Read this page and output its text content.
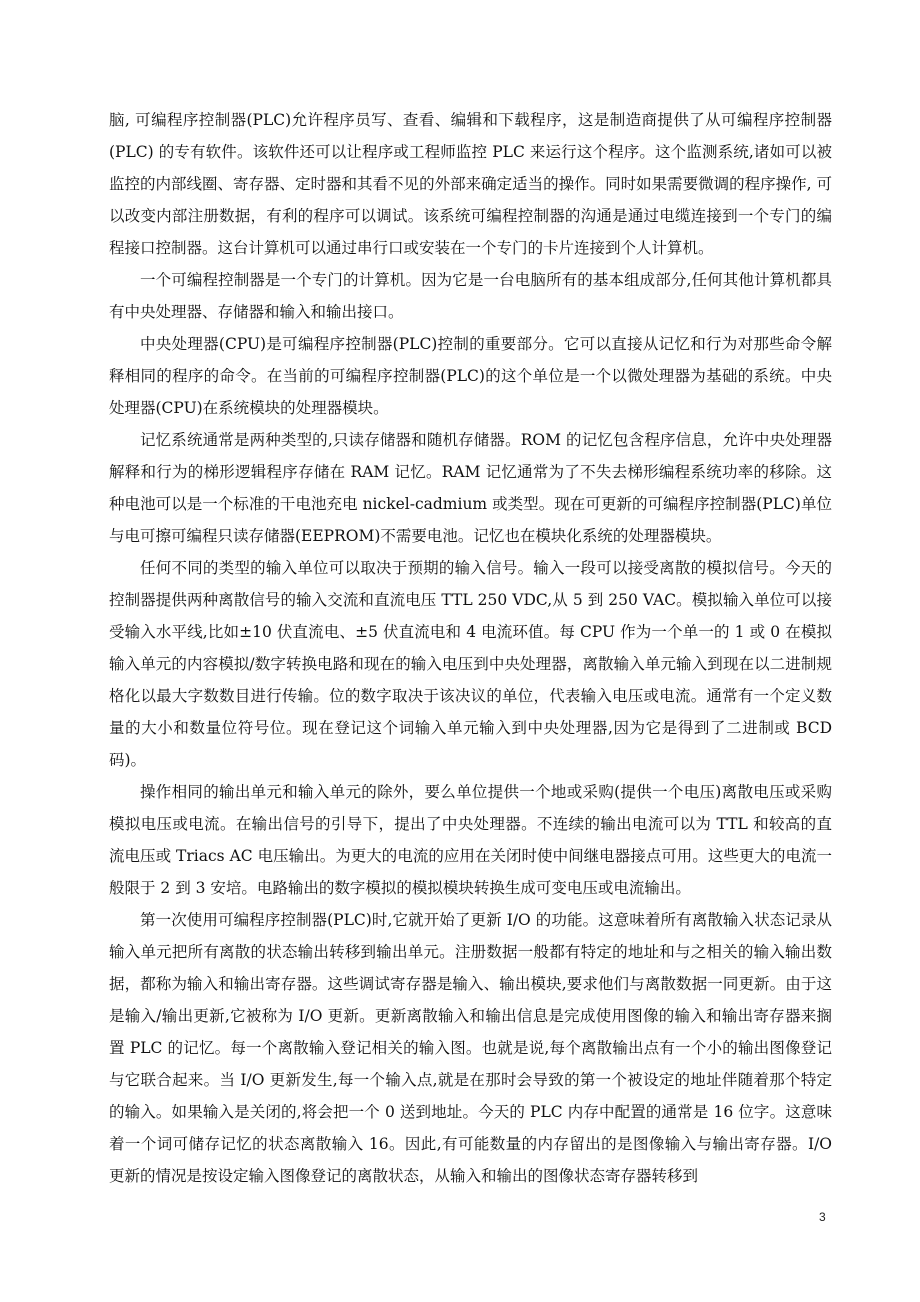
脑, 可编程序控制器(PLC)允许程序员写、查看、编辑和下载程序，这是制造商提供了从可编程序控制器(PLC) 的专有软件。该软件还可以让程序或工程师监控 PLC 来运行这个程序。这个监测系统,诸如可以被监控的内部线圈、寄存器、定时器和其看不见的外部来确定适当的操作。同时如果需要微调的程序操作, 可以改变内部注册数据，有利的程序可以调试。该系统可编程控制器的沟通是通过电缆连接到一个专门的编程接口控制器。这台计算机可以通过串行口或安装在一个专门的卡片连接到个人计算机。

一个可编程控制器是一个专门的计算机。因为它是一台电脑所有的基本组成部分,任何其他计算机都具有中央处理器、存储器和输入和输出接口。

中央处理器(CPU)是可编程序控制器(PLC)控制的重要部分。它可以直接从记忆和行为对那些命令解释相同的程序的命令。在当前的可编程序控制器(PLC)的这个单位是一个以微处理器为基础的系统。中央处理器(CPU)在系统模块的处理器模块。

记忆系统通常是两种类型的,只读存储器和随机存储器。ROM 的记忆包含程序信息，允许中央处理器解释和行为的梯形逻辑程序存储在 RAM 记忆。RAM 记忆通常为了不失去梯形编程系统功率的移除。这种电池可以是一个标准的干电池充电 nickel-cadmium 或类型。现在可更新的可编程序控制器(PLC)单位与电可擦可编程只读存储器(EEPROM)不需要电池。记忆也在模块化系统的处理器模块。

任何不同的类型的输入单位可以取决于预期的输入信号。输入一段可以接受离散的模拟信号。今天的控制器提供两种离散信号的输入交流和直流电压 TTL 250 VDC,从 5 到 250 VAC。模拟输入单位可以接受输入水平线,比如±10 伏直流电、±5 伏直流电和 4 电流环值。每 CPU 作为一个单一的 1 或 0 在模拟输入单元的内容模拟/数字转换电路和现在的输入电压到中央处理器，离散输入单元输入到现在以二进制规格化以最大字数数目进行传输。位的数字取决于该决议的单位，代表输入电压或电流。通常有一个定义数量的大小和数量位符号位。现在登记这个词输入单元输入到中央处理器,因为它是得到了二进制或 BCD 码)。

操作相同的输出单元和输入单元的除外，要么单位提供一个地或采购(提供一个电压)离散电压或采购模拟电压或电流。在输出信号的引导下，提出了中央处理器。不连续的输出电流可以为 TTL 和较高的直流电压或 Triacs AC 电压输出。为更大的电流的应用在关闭时使中间继电器接点可用。这些更大的电流一般限于 2 到 3 安培。电路输出的数字模拟的模拟模块转换生成可变电压或电流输出。

第一次使用可编程序控制器(PLC)时,它就开始了更新 I/O 的功能。这意味着所有离散输入状态记录从输入单元把所有离散的状态输出转移到输出单元。注册数据一般都有特定的地址和与之相关的输入输出数据，都称为输入和输出寄存器。这些调试寄存器是输入、输出模块,要求他们与离散数据一同更新。由于这是输入/输出更新,它被称为 I/O 更新。更新离散输入和输出信息是完成使用图像的输入和输出寄存器来搁置 PLC 的记忆。每一个离散输入登记相关的输入图。也就是说,每个离散输出点有一个小的输出图像登记与它联合起来。当 I/O 更新发生,每一个输入点,就是在那时会导致的第一个被设定的地址伴随着那个特定的输入。如果输入是关闭的,将会把一个 0 送到地址。今天的 PLC 内存中配置的通常是 16 位字。这意味着一个词可储存记忆的状态离散输入 16。因此,有可能数量的内存留出的是图像输入与输出寄存器。I/O 更新的情况是按设定输入图像登记的离散状态，从输入和输出的图像状态寄存器转移到

3
